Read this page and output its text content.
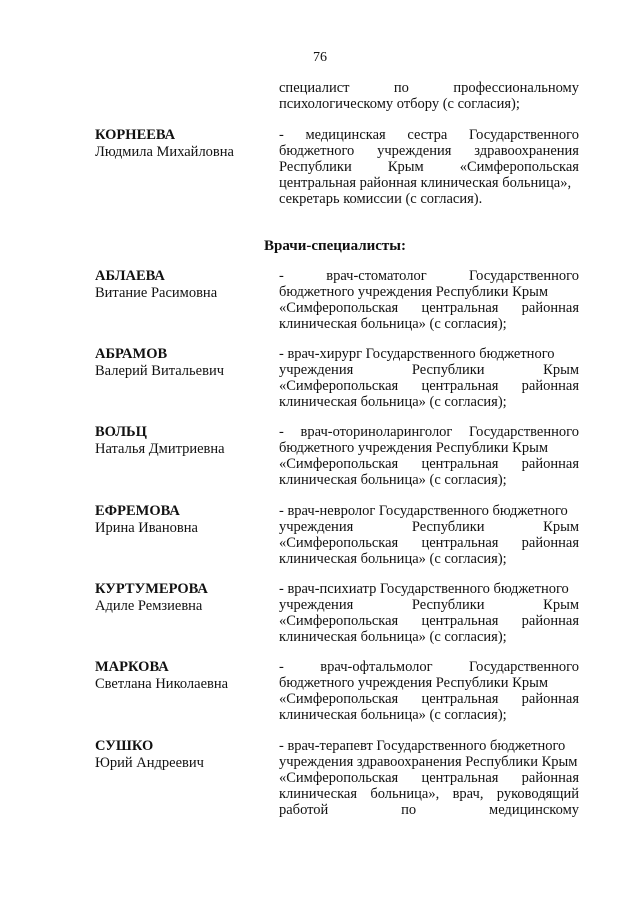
76
специалист	по	профессиональному
психологическому отбору (с согласия);
КОРНЕЕВА
Людмила Михайловна
- медицинская сестра Государственного
бюджетного учреждения здравоохранения
Республики Крым «Симферопольская
центральная районная клиническая больница»,
секретарь комиссии (с согласия).
Врачи-специалисты:
АБЛАЕВА
Витание Расимовна
-	врач-стоматолог	Государственного
бюджетного учреждения Республики Крым
«Симферопольская центральная районная
клиническая больница» (с согласия);
АБРАМОВ
Валерий Витальевич
- врач-хирург Государственного бюджетного
учреждения	Республики	Крым
«Симферопольская центральная районная
клиническая больница» (с согласия);
ВОЛЬЦ
Наталья Дмитриевна
- врач-оториноларинголог Государственного
бюджетного учреждения Республики Крым
«Симферопольская центральная районная
клиническая больница» (с согласия);
ЕФРЕМОВА
Ирина Ивановна
- врач-невролог Государственного бюджетного
учреждения	Республики	Крым
«Симферопольская центральная районная
клиническая больница» (с согласия);
КУРТУМЕРОВА
Адиле Ремзиевна
- врач-психиатр Государственного бюджетного
учреждения	Республики	Крым
«Симферопольская центральная районная
клиническая больница» (с согласия);
МАРКОВА
Светлана Николаевна
-	врач-офтальмолог	Государственного
бюджетного учреждения Республики Крым
«Симферопольская центральная районная
клиническая больница» (с согласия);
СУШКО
Юрий Андреевич
- врач-терапевт Государственного бюджетного
учреждения здравоохранения Республики Крым
«Симферопольская центральная районная
клиническая больница», врач, руководящий
работой	по	медицинскому
